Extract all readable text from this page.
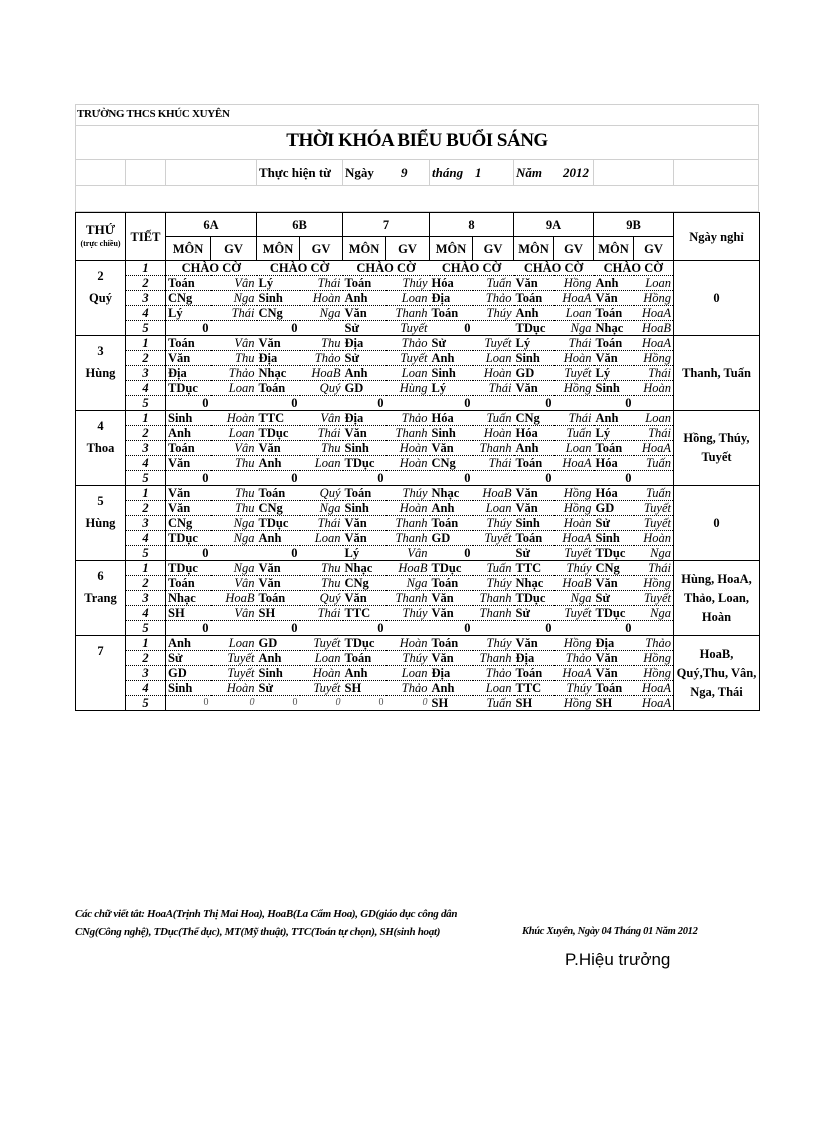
TRƯỜNG THCS KHÚC XUYÊN
THỜI KHÓA BIỂU BUỔI SÁNG
Thực hiện từ Ngày 9 tháng 1	Năm 2012
THỨ
(trực chiều)	TIẾT	6A		6B		7		8		9A		9B		Ngày nghỉ
		MÔN	GV	MÔN	GV	MÔN	GV	MÔN	GV	MÔN	GV	MÔN	GV	
2	1	CHÀO CỜ		CHÀO CỜ		CHÀO CỜ		CHÀO CỜ		CHÀO CỜ		CHÀO CỜ		0
	2	Toán	Vân	Lý	Thái	Toán	Thúy	Hóa	Tuấn	Văn	Hồng	Anh	Loan	
Quý	3	CNg	Nga	Sinh	Hoàn	Anh	Loan	Địa	Thảo	Toán	HoaA	Văn	Hồng	
	4	Lý	Thái	CNg	Nga	Văn	Thanh	Toán	Thúy	Anh	Loan	Toán	HoaA	
	5	0		0		Sử	Tuyết	0		TDục	Nga	Nhạc	HoaB	
3	1	Toán	Vân	Văn	Thu	Địa	Thảo	Sử	Tuyết	Lý	Thái	Toán	HoaA	Thanh, Tuấn
	2	Văn	Thu	Địa	Thảo	Sử	Tuyết	Anh	Loan	Sinh	Hoàn	Văn	Hồng	
Hùng	3	Địa	Thảo	Nhạc	HoaB	Anh	Loan	Sinh	Hoàn	GD	Tuyết	Lý	Thái	
	4	TDục	Loan	Toán	Quý	GD	Hùng	Lý	Thái	Văn	Hồng	Sinh	Hoàn	
	5	0		0		0		0		0		0		
4	1	Sinh	Hoàn	TTC	Vân	Địa	Thảo	Hóa	Tuấn	CNg	Thái	Anh	Loan	Hồng, Thúy, Tuyết
	2	Anh	Loan	TDục	Thái	Văn	Thanh	Sinh	Hoàn	Hóa	Tuấn	Lý	Thái	
Thoa	3	Toán	Vân	Văn	Thu	Sinh	Hoàn	Văn	Thanh	Anh	Loan	Toán	HoaA	
	4	Văn	Thu	Anh	Loan	TDục	Hoàn	CNg	Thái	Toán	HoaA	Hóa	Tuấn	
	5	0		0		0		0		0		0		
5	1	Văn	Thu	Toán	Quý	Toán	Thúy	Nhạc	HoaB	Văn	Hồng	Hóa	Tuấn	0
	2	Văn	Thu	CNg	Nga	Sinh	Hoàn	Anh	Loan	Văn	Hồng	GD	Tuyết	
Hùng	3	CNg	Nga	TDục	Thái	Văn	Thanh	Toán	Thúy	Sinh	Hoàn	Sử	Tuyết	
	4	TDục	Nga	Anh	Loan	Văn	Thanh	GD	Tuyết	Toán	HoaA	Sinh	Hoàn	
	5	0		0		Lý	Vân	0		Sử	Tuyết	TDục	Nga	
6	1	TDục	Nga	Văn	Thu	Nhạc	HoaB	TDục	Tuấn	TTC	Thúy	CNg	Thái	Hùng, HoaA, Thảo, Loan, Hoàn
	2	Toán	Vân	Văn	Thu	CNg	Nga	Toán	Thúy	Nhạc	HoaB	Văn	Hồng	
Trang	3	Nhạc	HoaB	Toán	Quý	Văn	Thanh	Văn	Thanh	TDục	Nga	Sử	Tuyết	
	4	SH	Vân	SH	Thái	TTC	Thúy	Văn	Thanh	Sử	Tuyết	TDục	Nga	
	5	0		0		0		0		0		0		
7	1	Anh	Loan	GD	Tuyết	TDục	Hoàn	Toán	Thúy	Văn	Hồng	Địa	Thảo	HoaB, Quý,Thu, Vân, Nga, Thái
	2	Sử	Tuyết	Anh	Loan	Toán	Thúy	Văn	Thanh	Địa	Thảo	Văn	Hồng	
	3	GD	Tuyết	Sinh	Hoàn	Anh	Loan	Địa	Thảo	Toán	HoaA	Văn	Hồng	
	4	Sinh	Hoàn	Sử	Tuyết	SH	Thảo	Anh	Loan	TTC	Thúy	Toán	HoaA	
	5	0	0	0	0	0	0	SH	Tuấn	SH	Hồng	SH	HoaA	
Các chữ viết tắt: HoaA(Trịnh Thị Mai Hoa), HoaB(La Cẩm Hoa), GD(giáo dục công dân
CNg(Công nghệ), TDục(Thể dục), MT(Mỹ thuật), TTC(Toán tự chọn), SH(sinh hoạt)	Khúc Xuyên, Ngày 04 Tháng 01 Năm 2012
P.Hiệu trưởng
